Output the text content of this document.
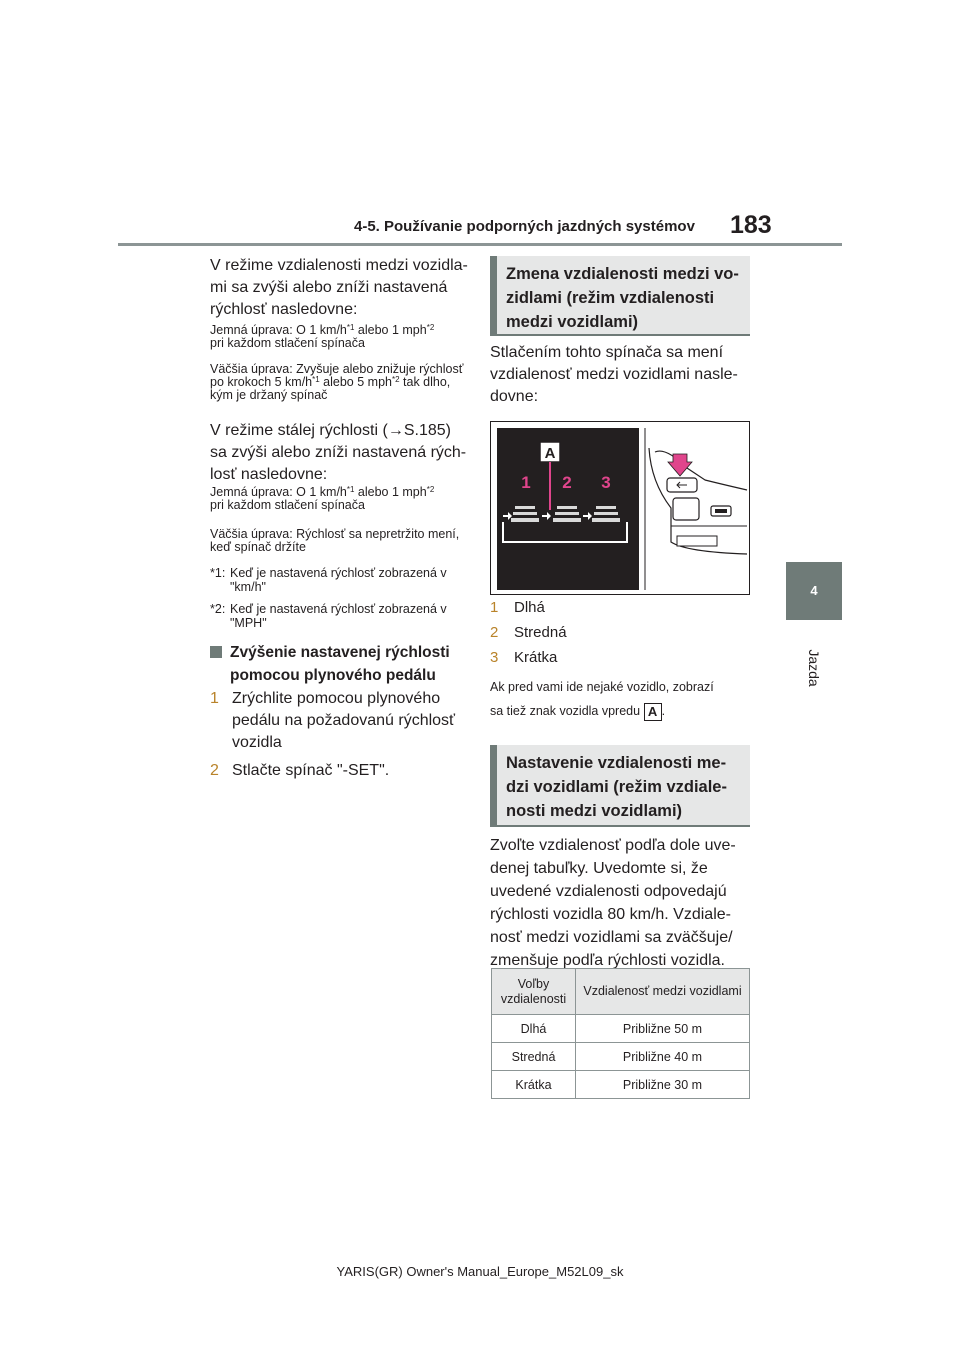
4-5. Používanie podporných jazdných systémov 183
4
Jazda
V režime vzdialenosti medzi vozidla-mi sa zvýši alebo zníži nastavená rýchlosť nasledovne:
Jemná úprava: O 1 $km/h^{*1}$ alebo 1 mph$^{*2}$
pri každom stlačení spínača
Väčšia úprava: Zvyšuje alebo znižuje rýchlosť po krokoch 5 $km/h^{*1}$ alebo 5 mph$^{*2}$ tak dlho, kým je držaný spínač
V režime stálej rýchlosti (→S.185) sa zvýši alebo zníži nastavená rých-losť nasledovne:
Jemná úprava: O 1 $km/h^{*1}$ alebo 1 mph$^{*2}$
pri každom stlačení spínača
Väčšia úprava: Rýchlosť sa nepretržito mení, keď spínač držíte
*1: Keď je nastavená rýchlosť zobrazená v "km/h"
*2: Keď je nastavená rýchlosť zobrazená v "MPH"
Zvýšenie nastavenej rýchlosti pomocou plynového pedálu
1 Zrýchlite pomocou plynového pedálu na požadovanú rýchlosť vozidla
2 Stlačte spínač "-SET".
Zmena vzdialenosti medzi vo-zidlami (režim vzdialenosti medzi vozidlami)
Stlačením tohto spínača sa mení vzdialenosť medzi vozidlami nasle-dovne:
A
1 2 3
1	Dlhá
2	Stredná
3	Krátka
Ak pred vami ide nejaké vozidlo, zobrazí
sa tiež znak vozidla vpredu A .
Nastavenie vzdialenosti me-dzi vozidlami (režim vzdiale-nosti medzi vozidlami)
Zvoľte vzdialenosť podľa dole uve-denej tabuľky. Uvedomte si, že uvedené vzdialenosti odpovedajú rýchlosti vozidla 80 km/h. Vzdiale-nosť medzi vozidlami sa zväčšuje/ zmenšuje podľa rýchlosti vozidla.
Voľby vzdialenosti	Vzdialenosť medzi vozidlami
Dlhá	Približne 50 m
Stredná	Približne 40 m
Krátka	Približne 30 m
YARIS(GR) Owner's Manual_Europe_M52L09_sk
